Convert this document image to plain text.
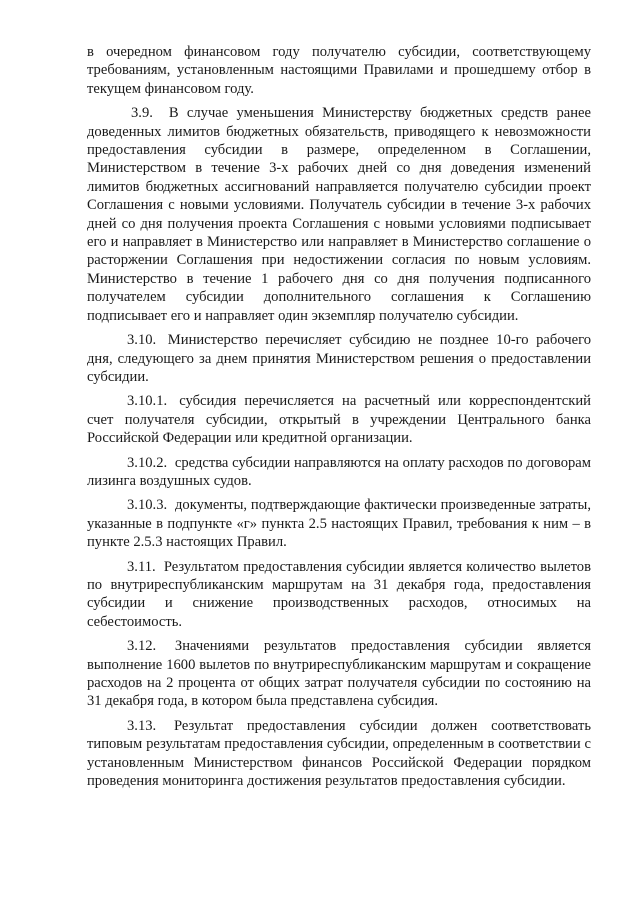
в очередном финансовом году получателю субсидии, соответствующему требованиям, установленным настоящими Правилами и прошедшему отбор в текущем финансовом году.

3.9. В случае уменьшения Министерству бюджетных средств ранее доведенных лимитов бюджетных обязательств, приводящего к невозможности предоставления субсидии в размере, определенном в Соглашении, Министерством в течение 3-х рабочих дней со дня доведения изменений лимитов бюджетных ассигнований направляется получателю субсидии проект Соглашения с новыми условиями. Получатель субсидии в течение 3-х рабочих дней со дня получения проекта Соглашения с новыми условиями подписывает его и направляет в Министерство или направляет в Министерство соглашение о расторжении Соглашения при недостижении согласия по новым условиям. Министерство в течение 1 рабочего дня со дня получения подписанного получателем субсидии дополнительного соглашения к Соглашению подписывает его и направляет один экземпляр получателю субсидии.

3.10. Министерство перечисляет субсидию не позднее 10-го рабочего дня, следующего за днем принятия Министерством решения о предоставлении субсидии.

3.10.1. субсидия перечисляется на расчетный или корреспондентский счет получателя субсидии, открытый в учреждении Центрального банка Российской Федерации или кредитной организации.

3.10.2. средства субсидии направляются на оплату расходов по договорам лизинга воздушных судов.

3.10.3. документы, подтверждающие фактически произведенные затраты, указанные в подпункте «г» пункта 2.5 настоящих Правил, требования к ним – в пункте 2.5.3 настоящих Правил.

3.11. Результатом предоставления субсидии является количество вылетов по внутриреспубликанским маршрутам на 31 декабря года, предоставления субсидии и снижение производственных расходов, относимых на себестоимость.

3.12. Значениями результатов предоставления субсидии является выполнение 1600 вылетов по внутриреспубликанским маршрутам и сокращение расходов на 2 процента от общих затрат получателя субсидии по состоянию на 31 декабря года, в котором была представлена субсидия.

3.13. Результат предоставления субсидии должен соответствовать типовым результатам предоставления субсидии, определенным в соответствии с установленным Министерством финансов Российской Федерации порядком проведения мониторинга достижения результатов предоставления субсидии.
